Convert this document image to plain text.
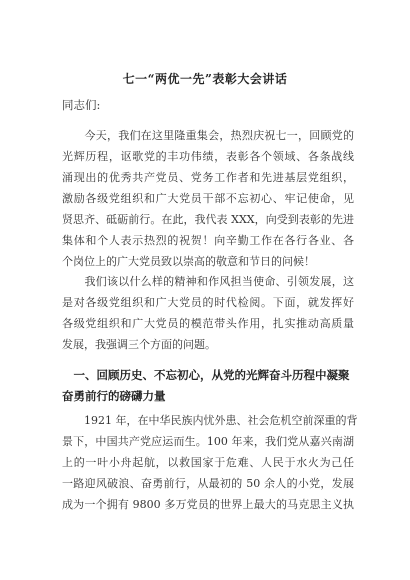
七一“两优一先”表彰大会讲话
同志们:
　　今天，我们在这里隆重集会，热烈庆祝七一，回顾党的
光辉历程，讴歌党的丰功伟绩，表彰各个领域、各条战线
涌现出的优秀共产党员、党务工作者和先进基层党组织，
激励各级党组织和广大党员干部不忘初心、牢记使命，见
贤思齐、砥砺前行。在此，我代表 XXX，向受到表彰的先进
集体和个人表示热烈的祝贺！向辛勤工作在各行各业、各
个岗位上的广大党员致以崇高的敬意和节日的问候！
　　我们该以什么样的精神和作风担当使命、引领发展，这
是对各级党组织和广大党员的时代检阅。下面，就发挥好
各级党组织和广大党员的模范带头作用，扎实推动高质量
发展，我强调三个方面的问题。
　一、回顾历史、不忘初心，从党的光辉奋斗历程中凝聚
奋勇前行的磅礴力量
　　1921 年，在中华民族内忧外患、社会危机空前深重的背
景下，中国共产党应运而生。100 年来，我们党从嘉兴南湖
上的一叶小舟起航，以救国家于危难、人民于水火为己任
一路迎风破浪、奋勇前行，从最初的 50 余人的小党，发展
成为一个拥有 9800 多万党员的世界上最大的马克思主义执
